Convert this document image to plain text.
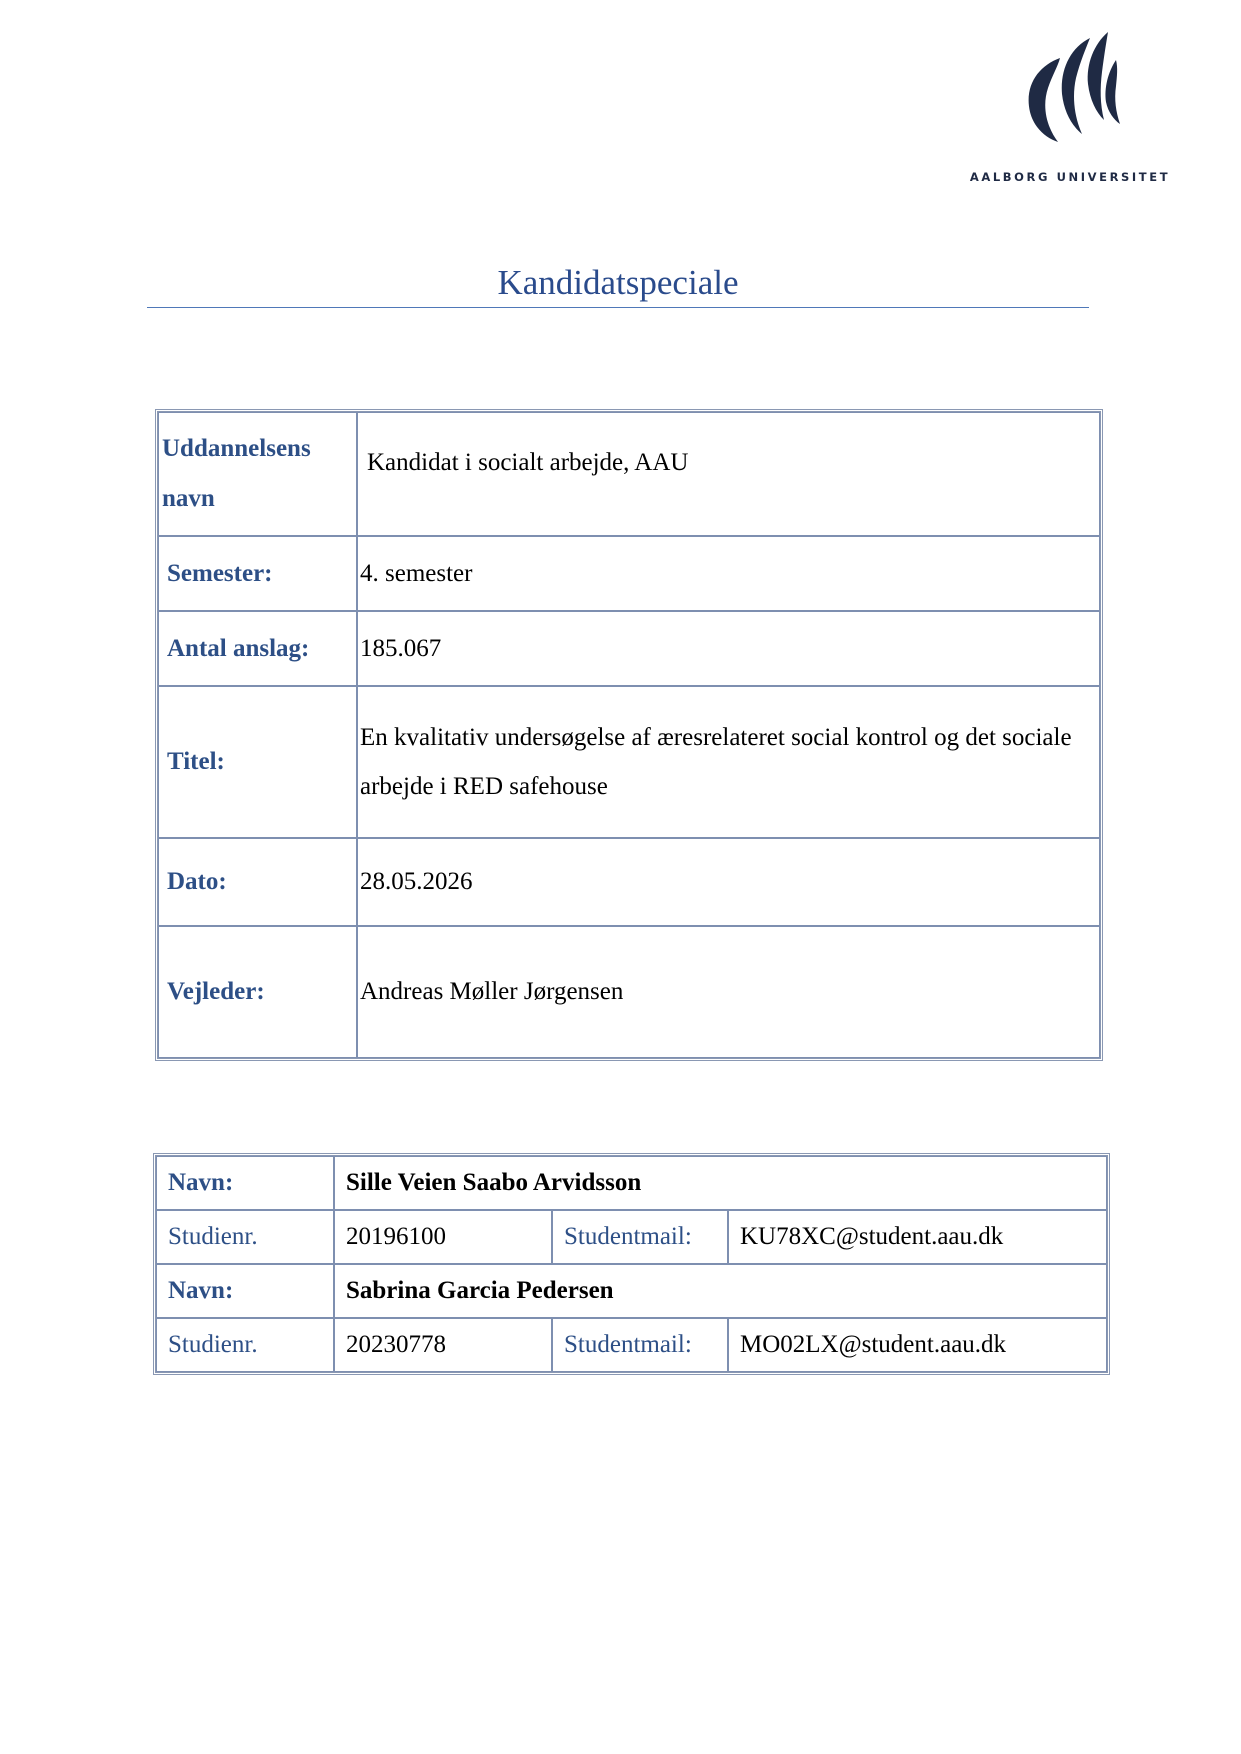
AALBORG UNIVERSITET
Kandidatspeciale
Uddannelsens navn	Kandidat i socialt arbejde, AAU
Semester:	4. semester
Antal anslag:	185.067
Titel:	En kvalitativ undersøgelse af æresrelateret social kontrol og det sociale arbejde i RED safehouse
Dato:	28.05.2026
Vejleder:	Andreas Møller Jørgensen
Navn:	Sille Veien Saabo Arvidsson		
Studienr.	20196100	Studentmail:	KU78XC@student.aau.dk
Navn:	Sabrina Garcia Pedersen		
Studienr.	20230778	Studentmail:	MO02LX@student.aau.dk
